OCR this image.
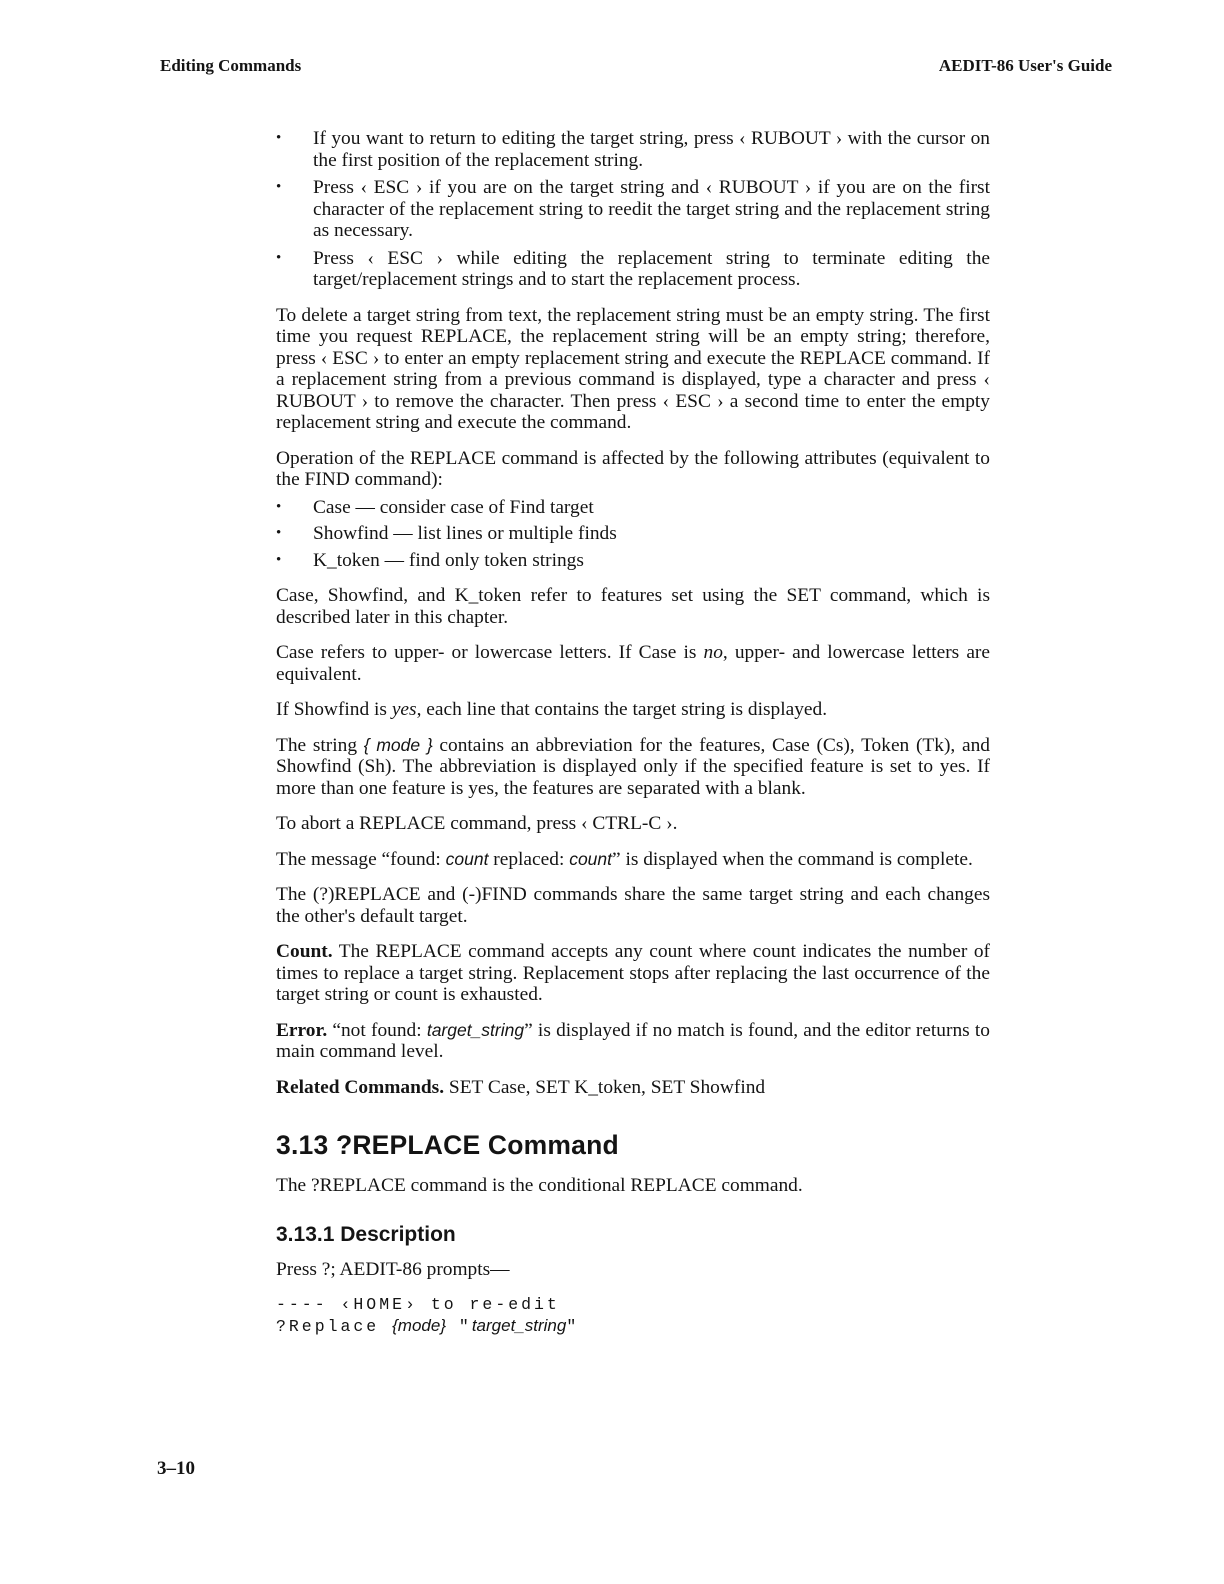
Editing Commands	AEDIT-86 User's Guide
• If you want to return to editing the target string, press ‹ RUBOUT › with the cursor on the first position of the replacement string.
• Press ‹ ESC › if you are on the target string and ‹ RUBOUT › if you are on the first character of the replacement string to reedit the target string and the replacement string as necessary.
• Press ‹ ESC › while editing the replacement string to terminate editing the target/replacement strings and to start the replacement process.

To delete a target string from text, the replacement string must be an empty string. The first time you request REPLACE, the replacement string will be an empty string; therefore, press ‹ ESC › to enter an empty replacement string and execute the REPLACE command. If a replacement string from a previous command is displayed, type a character and press ‹ RUBOUT › to remove the character. Then press ‹ ESC › a second time to enter the empty replacement string and execute the command.

Operation of the REPLACE command is affected by the following attributes (equivalent to the FIND command):

• Case — consider case of Find target
• Showfind — list lines or multiple finds
• K_token — find only token strings

Case, Showfind, and K_token refer to features set using the SET command, which is described later in this chapter.

Case refers to upper- or lowercase letters. If Case is no, upper- and lowercase letters are equivalent.

If Showfind is yes, each line that contains the target string is displayed.

The string { mode } contains an abbreviation for the features, Case (Cs), Token (Tk), and Showfind (Sh). The abbreviation is displayed only if the specified feature is set to yes. If more than one feature is yes, the features are separated with a blank.

To abort a REPLACE command, press ‹ CTRL-C ›.

The message “found: count replaced: count” is displayed when the command is complete.

The (?)REPLACE and (-)FIND commands share the same target string and each changes the other's default target.

Count. The REPLACE command accepts any count where count indicates the number of times to replace a target string. Replacement stops after replacing the last occurrence of the target string or count is exhausted.

Error. “not found: target_string” is displayed if no match is found, and the editor returns to main command level.

Related Commands. SET Case, SET K_token, SET Showfind

3.13 ?REPLACE Command

The ?REPLACE command is the conditional REPLACE command.

3.13.1 Description

Press ?; AEDIT-86 prompts—

---- ‹HOME› to re-edit
?Replace {mode} "target_string"
3–10
